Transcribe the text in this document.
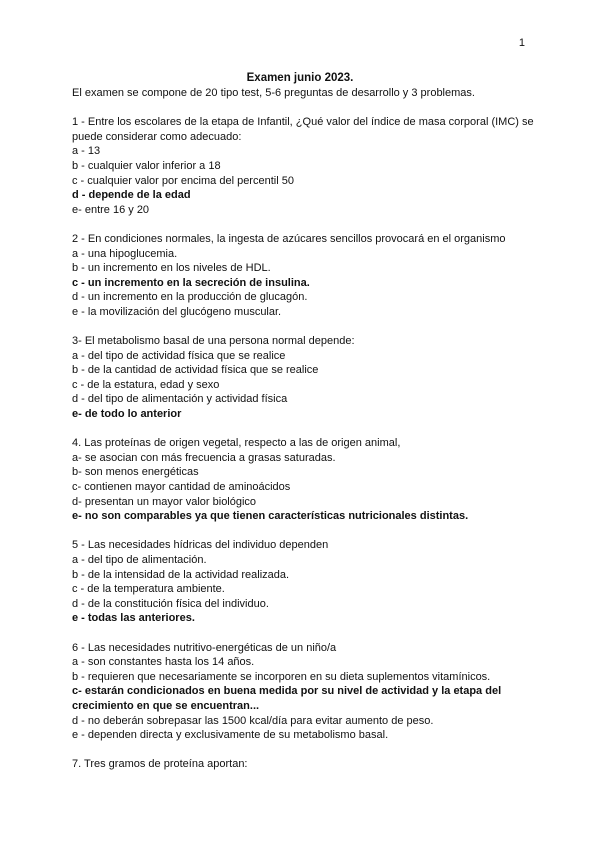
1
Examen junio 2023.
El examen se compone de 20 tipo test, 5-6 preguntas de desarrollo y 3 problemas.
1 - Entre los escolares de la etapa de Infantil, ¿Qué valor del índice de masa corporal (IMC) se puede considerar como adecuado:
a - 13
b - cualquier valor inferior a 18
c - cualquier valor por encima del percentil 50
d - depende de la edad
e- entre 16 y 20
2 - En condiciones normales, la ingesta de azúcares sencillos provocará en el organismo
a - una hipoglucemia.
b - un incremento en los niveles de HDL.
c - un incremento en la secreción de insulina.
d - un incremento en la producción de glucagón.
e - la movilización del glucógeno muscular.
3- El metabolismo basal de una persona normal depende:
a - del tipo de actividad física que se realice
b - de la cantidad de actividad física que se realice
c - de la estatura, edad y sexo
d - del tipo de alimentación y actividad física
e- de todo lo anterior
4. Las proteínas de origen vegetal, respecto a las de origen animal,
a- se asocian con más frecuencia a grasas saturadas.
b- son menos energéticas
c- contienen mayor cantidad de aminoácidos
d- presentan un mayor valor biológico
e- no son comparables ya que tienen características nutricionales distintas.
5 - Las necesidades hídricas del individuo dependen
a - del tipo de alimentación.
b - de la intensidad de la actividad realizada.
c - de la temperatura ambiente.
d - de la constitución física del individuo.
e - todas las anteriores.
6 - Las necesidades nutritivo-energéticas de un niño/a
a - son constantes hasta los 14 años.
b - requieren que necesariamente se incorporen en su dieta suplementos vitamínicos.
c- estarán condicionados en buena medida por su nivel de actividad y la etapa del crecimiento en que se encuentran...
d - no deberán sobrepasar las 1500 kcal/día para evitar aumento de peso.
e - dependen directa y exclusivamente de su metabolismo basal.
7. Tres gramos de proteína aportan:
